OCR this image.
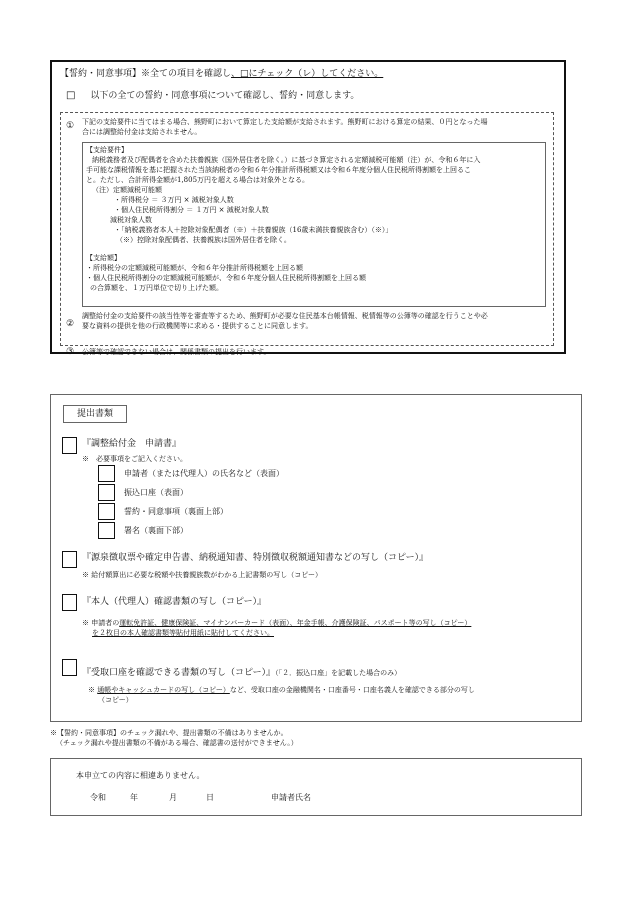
【誓約・同意事項】※全ての項目を確認し、□にチェック（レ）してください。
□ 以下の全ての誓約・同意事項について確認し、誓約・同意します。
① 下記の支給要件に当てはまる場合、熊野町において算定した支給額が支給されます。熊野町における算定の結果、０円となった場
合には調整給付金は支給されません。
【支給要件】
納税義務者及び配偶者を含めた扶養親族（国外居住者を除く。）に基づき算定される定額減税可能額（注）が、令和６年に入
手可能な課税情報を基に把握された当該納税者の令和６年分推計所得税額又は令和６年度分個人住民税所得割額を上回るこ
と。ただし、合計所得金額が1,805万円を超える場合は対象外となる。
（注）定額減税可能額
・所得税分 ＝ ３万円 × 減税対象人数
・個人住民税所得割分 ＝ １万円 × 減税対象人数
減税対象人数
・「納税義務者本人＋控除対象配偶者（※）＋扶養親族（16歳未満扶養親族含む）（※）」
（※）控除対象配偶者、扶養親族は国外居住者を除く。
【支給額】
・所得税分の定額減税可能額が、令和６年分推計所得税額を上回る額
・個人住民税所得割分の定額減税可能額が、令和６年度分個人住民税所得割額を上回る額
の合算額を、１万円単位で切り上げた額。
②
調整給付金の支給要件の該当性等を審査等するため、熊野町が必要な住民基本台帳情報、税情報等の公簿等の確認を行うことや必
要な資料の提供を他の行政機関等に求める・提供することに同意します。
③ 公簿等で確認できない場合は、関係書類の提出を行います。
提出書類
『調整給付金　申請書』
※　必要事項をご記入ください。
申請者（または代理人）の氏名など（表面）
振込口座（表面）
誓約・同意事項（裏面上部）
署名（裏面下部）
『源泉徴収票や確定申告書、納税通知書、特別徴収税額通知書などの写し（コピー）』
※ 給付額算出に必要な税額や扶養親族数がわかる上記書類の写し（コピー）
『本人（代理人）確認書類の写し（コピー）』
※ 申請者の運転免許証、健康保険証、マイナンバーカード（表面）、年金手帳、介護保険証、パスポート等の写し（コピー）
を２枚目の本人確認書類等貼付用紙に貼付してください。
『受取口座を確認できる書類の写し（コピー）』（「２．振込口座」を記載した場合のみ）
※ 通帳やキャッシュカードの写し（コピー）など、受取口座の金融機関名・口座番号・口座名義人を確認できる部分の写し
（コピー）
※【誓約・同意事項】のチェック漏れや、提出書類の不備はありませんか。
（チェック漏れや提出書類の不備がある場合、確認書の送付ができません。）
本申立ての内容に相違ありません。
令和	年	月	日	申請者氏名
